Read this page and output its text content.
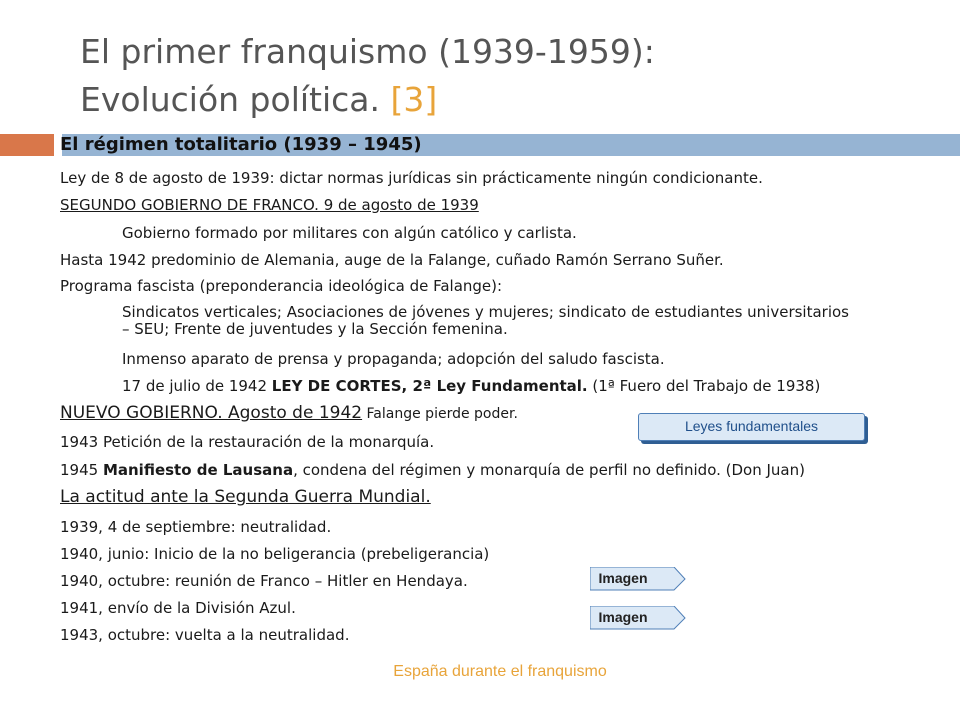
El primer franquismo (1939-1959):
Evolución política. [3]
El régimen totalitario (1939 – 1945)
Ley de 8 de agosto de 1939: dictar normas jurídicas sin prácticamente ningún condicionante.
SEGUNDO GOBIERNO DE FRANCO. 9 de agosto de 1939
Gobierno formado por militares con algún católico y carlista.
Hasta 1942 predominio de Alemania, auge de la Falange, cuñado Ramón Serrano Suñer.
Programa fascista (preponderancia ideológica de Falange):
Sindicatos verticales; Asociaciones de jóvenes y mujeres; sindicato de estudiantes universitarios – SEU; Frente de juventudes y la Sección femenina.
Inmenso aparato de prensa y propaganda; adopción del saludo fascista.
17 de julio de 1942 LEY DE CORTES, 2ª Ley Fundamental. (1ª Fuero del Trabajo de 1938)
NUEVO GOBIERNO. Agosto de 1942 Falange pierde poder.
1943 Petición de la restauración de la monarquía.
1945 Manifiesto de Lausana, condena del régimen y monarquía de perfil no definido. (Don Juan)
La actitud ante la Segunda Guerra Mundial.
1939, 4 de septiembre: neutralidad.
1940, junio: Inicio de la no beligerancia (prebeligerancia)
1940, octubre: reunión de Franco – Hitler en Hendaya.
1941, envío de la División Azul.
1943, octubre: vuelta a la neutralidad.
Leyes fundamentales
Imagen
Imagen
España durante el franquismo
